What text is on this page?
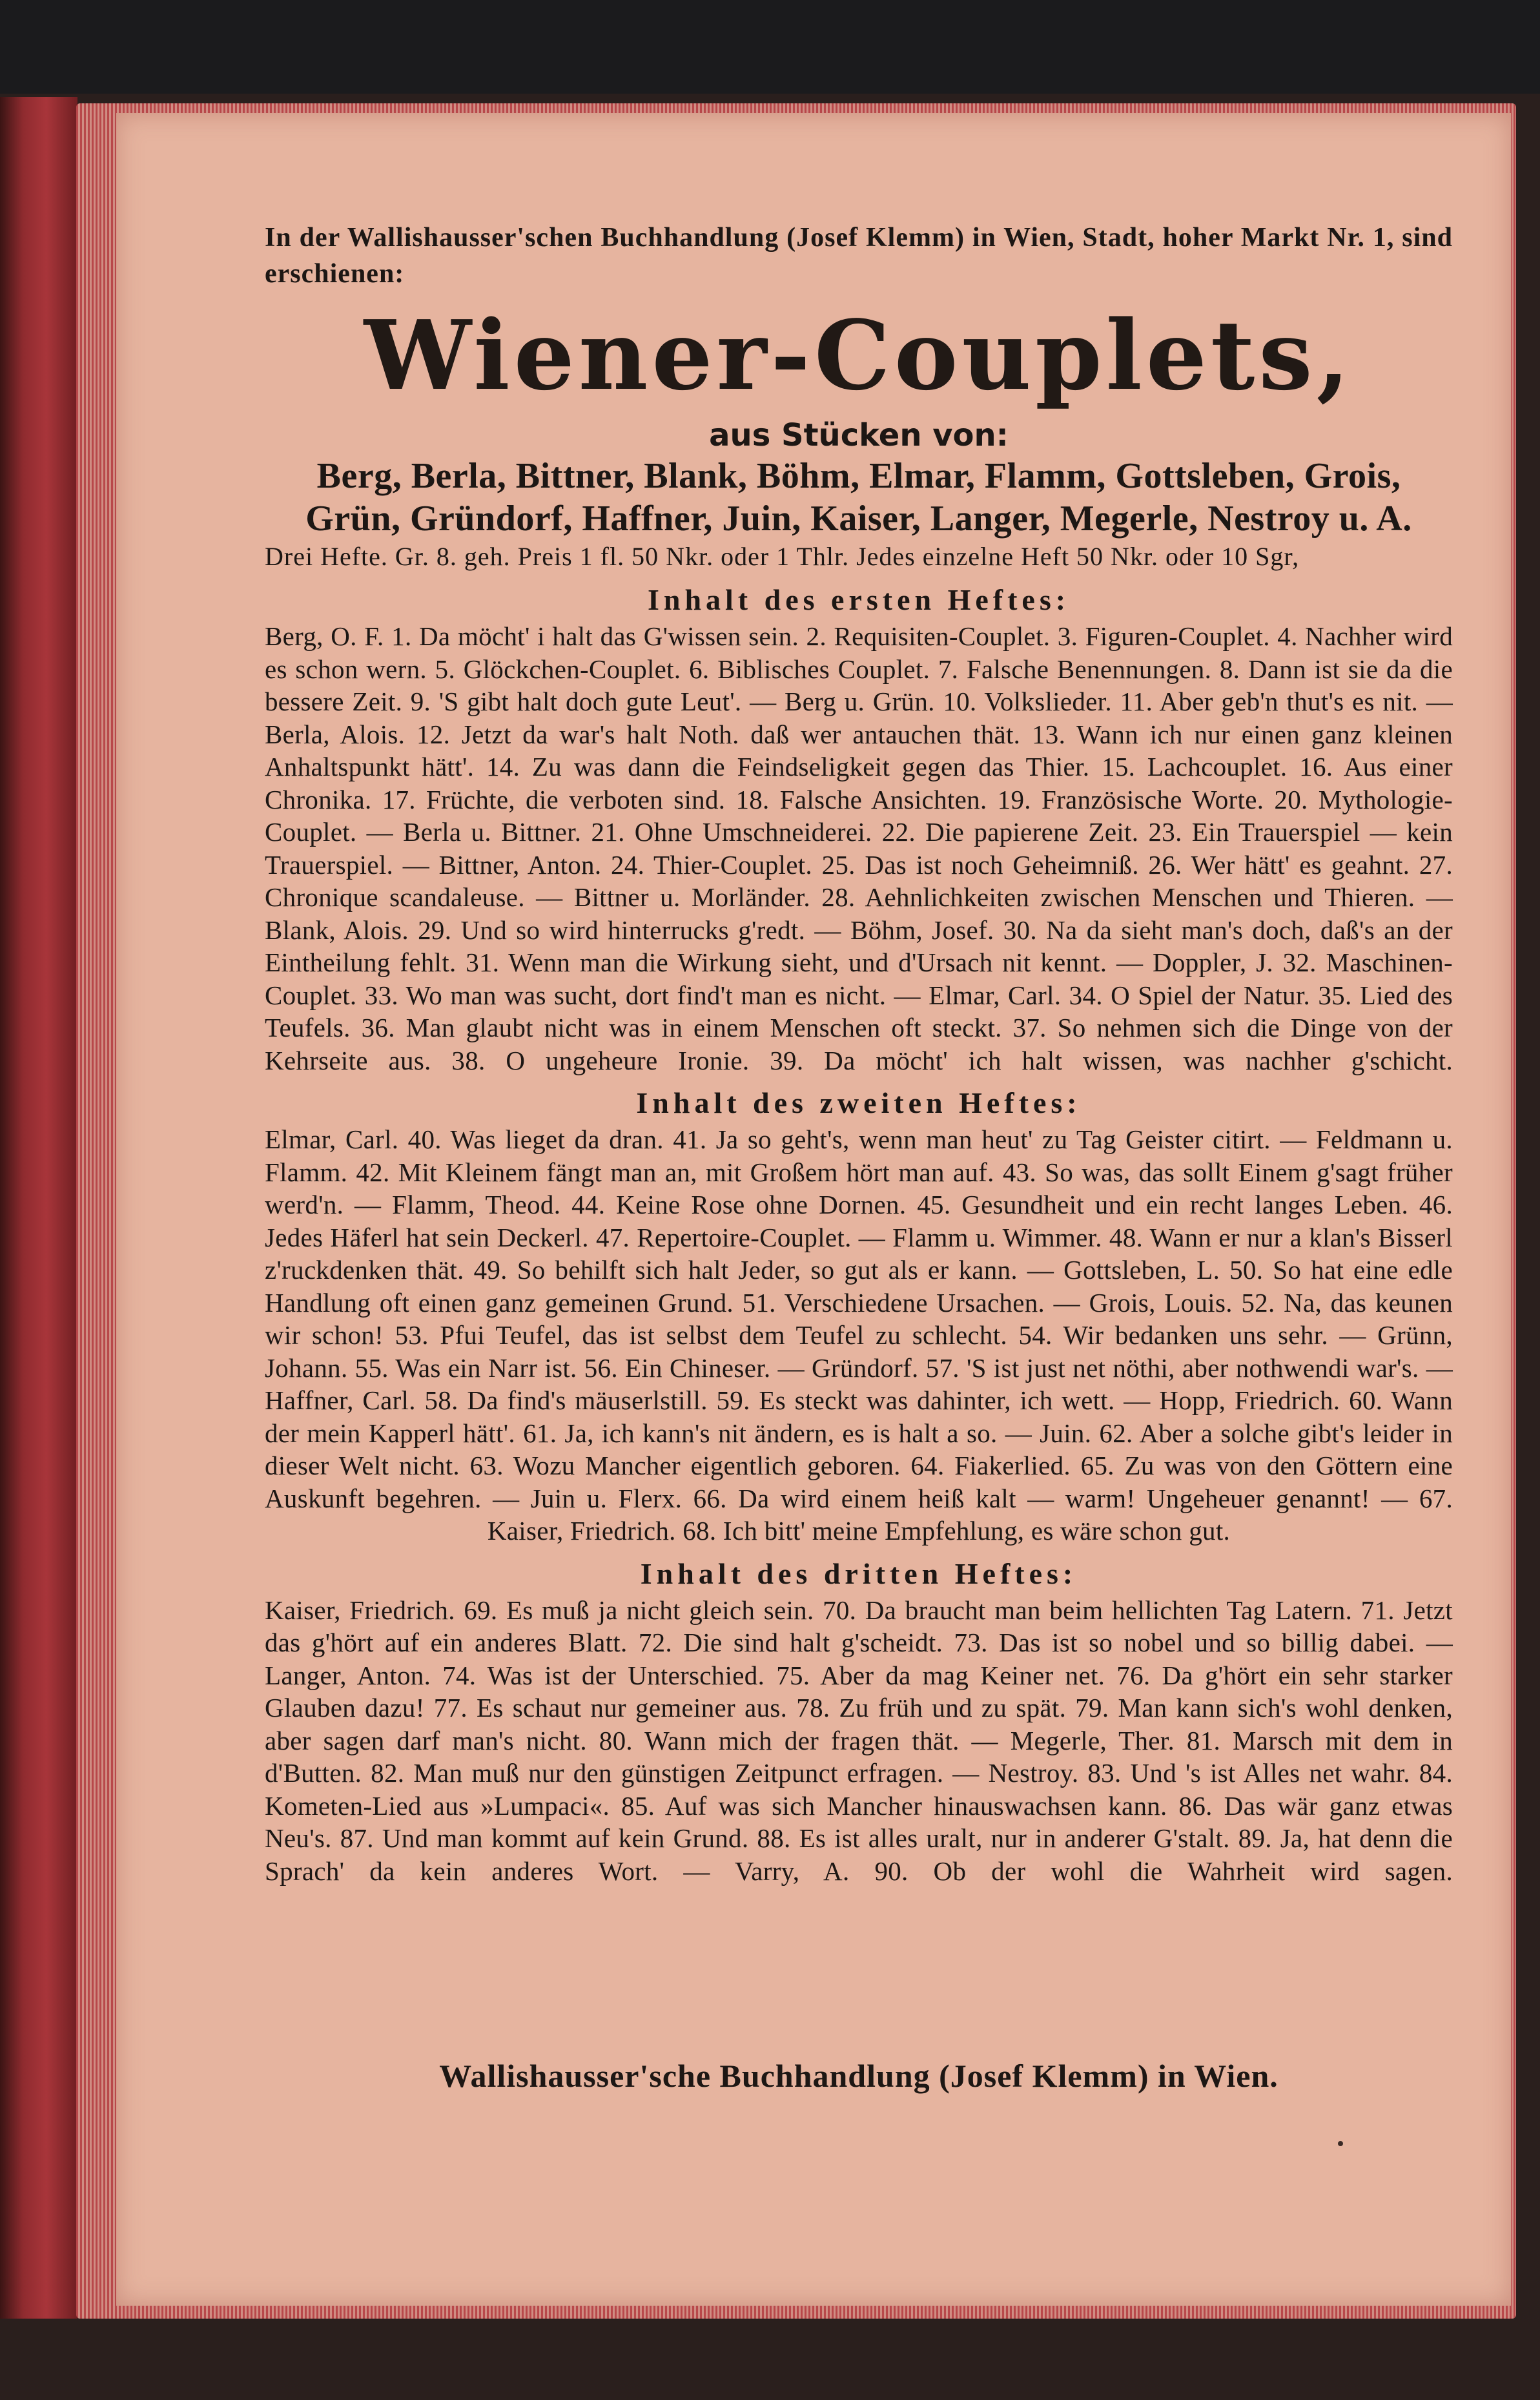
In der Wallishausser'schen Buchhandlung (Josef Klemm) in Wien, Stadt, hoher Markt Nr. 1, sind erschienen:
Wiener-Couplets,
aus Stücken von:
Berg, Berla, Bittner, Blank, Böhm, Elmar, Flamm, Gottsleben, Grois, Grün, Gründorf, Haffner, Juin, Kaiser, Langer, Megerle, Nestroy u. A.
Drei Hefte. Gr. 8. geh. Preis 1 fl. 50 Nkr. oder 1 Thlr. Jedes einzelne Heft 50 Nkr. oder 10 Sgr,
Inhalt des ersten Heftes:
Berg, O. F. 1. Da möcht' i halt das G'wissen sein. 2. Requisiten-Couplet. 3. Figuren-Couplet. 4. Nachher wird es schon wern. 5. Glöckchen-Couplet. 6. Biblisches Couplet. 7. Falsche Benennungen. 8. Dann ist sie da die bessere Zeit. 9. 'S gibt halt doch gute Leut'. — Berg u. Grün. 10. Volkslieder. 11. Aber geb'n thut's es nit. — Berla, Alois. 12. Jetzt da war's halt Noth. daß wer antauchen thät. 13. Wann ich nur einen ganz kleinen Anhaltspunkt hätt'. 14. Zu was dann die Feindseligkeit gegen das Thier. 15. Lachcouplet. 16. Aus einer Chronika. 17. Früchte, die verboten sind. 18. Falsche Ansichten. 19. Französische Worte. 20. Mythologie-Couplet. — Berla u. Bittner. 21. Ohne Umschneiderei. 22. Die papierene Zeit. 23. Ein Trauerspiel — kein Trauerspiel. — Bittner, Anton. 24. Thier-Couplet. 25. Das ist noch Geheimniß. 26. Wer hätt' es geahnt. 27. Chronique scandaleuse. — Bittner u. Morländer. 28. Aehnlichkeiten zwischen Menschen und Thieren. — Blank, Alois. 29. Und so wird hinterrucks g'redt. — Böhm, Josef. 30. Na da sieht man's doch, daß's an der Eintheilung fehlt. 31. Wenn man die Wirkung sieht, und d'Ursach nit kennt. — Doppler, J. 32. Maschinen-Couplet. 33. Wo man was sucht, dort find't man es nicht. — Elmar, Carl. 34. O Spiel der Natur. 35. Lied des Teufels. 36. Man glaubt nicht was in einem Menschen oft steckt. 37. So nehmen sich die Dinge von der Kehrseite aus. 38. O ungeheure Ironie. 39. Da möcht' ich halt wissen, was nachher g'schicht.
Inhalt des zweiten Heftes:
Elmar, Carl. 40. Was lieget da dran. 41. Ja so geht's, wenn man heut' zu Tag Geister citirt. — Feldmann u. Flamm. 42. Mit Kleinem fängt man an, mit Großem hört man auf. 43. So was, das sollt Einem g'sagt früher werd'n. — Flamm, Theod. 44. Keine Rose ohne Dornen. 45. Gesundheit und ein recht langes Leben. 46. Jedes Häferl hat sein Deckerl. 47. Repertoire-Couplet. — Flamm u. Wimmer. 48. Wann er nur a klan's Bisserl z'ruckdenken thät. 49. So behilft sich halt Jeder, so gut als er kann. — Gottsleben, L. 50. So hat eine edle Handlung oft einen ganz gemeinen Grund. 51. Verschiedene Ursachen. — Grois, Louis. 52. Na, das keunen wir schon! 53. Pfui Teufel, das ist selbst dem Teufel zu schlecht. 54. Wir bedanken uns sehr. — Grünn, Johann. 55. Was ein Narr ist. 56. Ein Chineser. — Gründorf. 57. 'S ist just net nöthi, aber nothwendi war's. — Haffner, Carl. 58. Da find's mäuserlstill. 59. Es steckt was dahinter, ich wett. — Hopp, Friedrich. 60. Wann der mein Kapperl hätt'. 61. Ja, ich kann's nit ändern, es is halt a so. — Juin. 62. Aber a solche gibt's leider in dieser Welt nicht. 63. Wozu Mancher eigentlich geboren. 64. Fiakerlied. 65. Zu was von den Göttern eine Auskunft begehren. — Juin u. Flerx. 66. Da wird einem heiß kalt — warm! Ungeheuer genannt! — 67. Kaiser, Friedrich. 68. Ich bitt' meine Empfehlung, es wäre schon gut.
Inhalt des dritten Heftes:
Kaiser, Friedrich. 69. Es muß ja nicht gleich sein. 70. Da braucht man beim hellichten Tag Latern. 71. Jetzt das g'hört auf ein anderes Blatt. 72. Die sind halt g'scheidt. 73. Das ist so nobel und so billig dabei. — Langer, Anton. 74. Was ist der Unterschied. 75. Aber da mag Keiner net. 76. Da g'hört ein sehr starker Glauben dazu! 77. Es schaut nur gemeiner aus. 78. Zu früh und zu spät. 79. Man kann sich's wohl denken, aber sagen darf man's nicht. 80. Wann mich der fragen thät. — Megerle, Ther. 81. Marsch mit dem in d'Butten. 82. Man muß nur den günstigen Zeitpunct erfragen. — Nestroy. 83. Und 's ist Alles net wahr. 84. Kometen-Lied aus »Lumpaci«. 85. Auf was sich Mancher hinauswachsen kann. 86. Das wär ganz etwas Neu's. 87. Und man kommt auf kein Grund. 88. Es ist alles uralt, nur in anderer G'stalt. 89. Ja, hat denn die Sprach' da kein anderes Wort. — Varry, A. 90. Ob der wohl die Wahrheit wird sagen.
Wallishausser'sche Buchhandlung (Josef Klemm) in Wien.
